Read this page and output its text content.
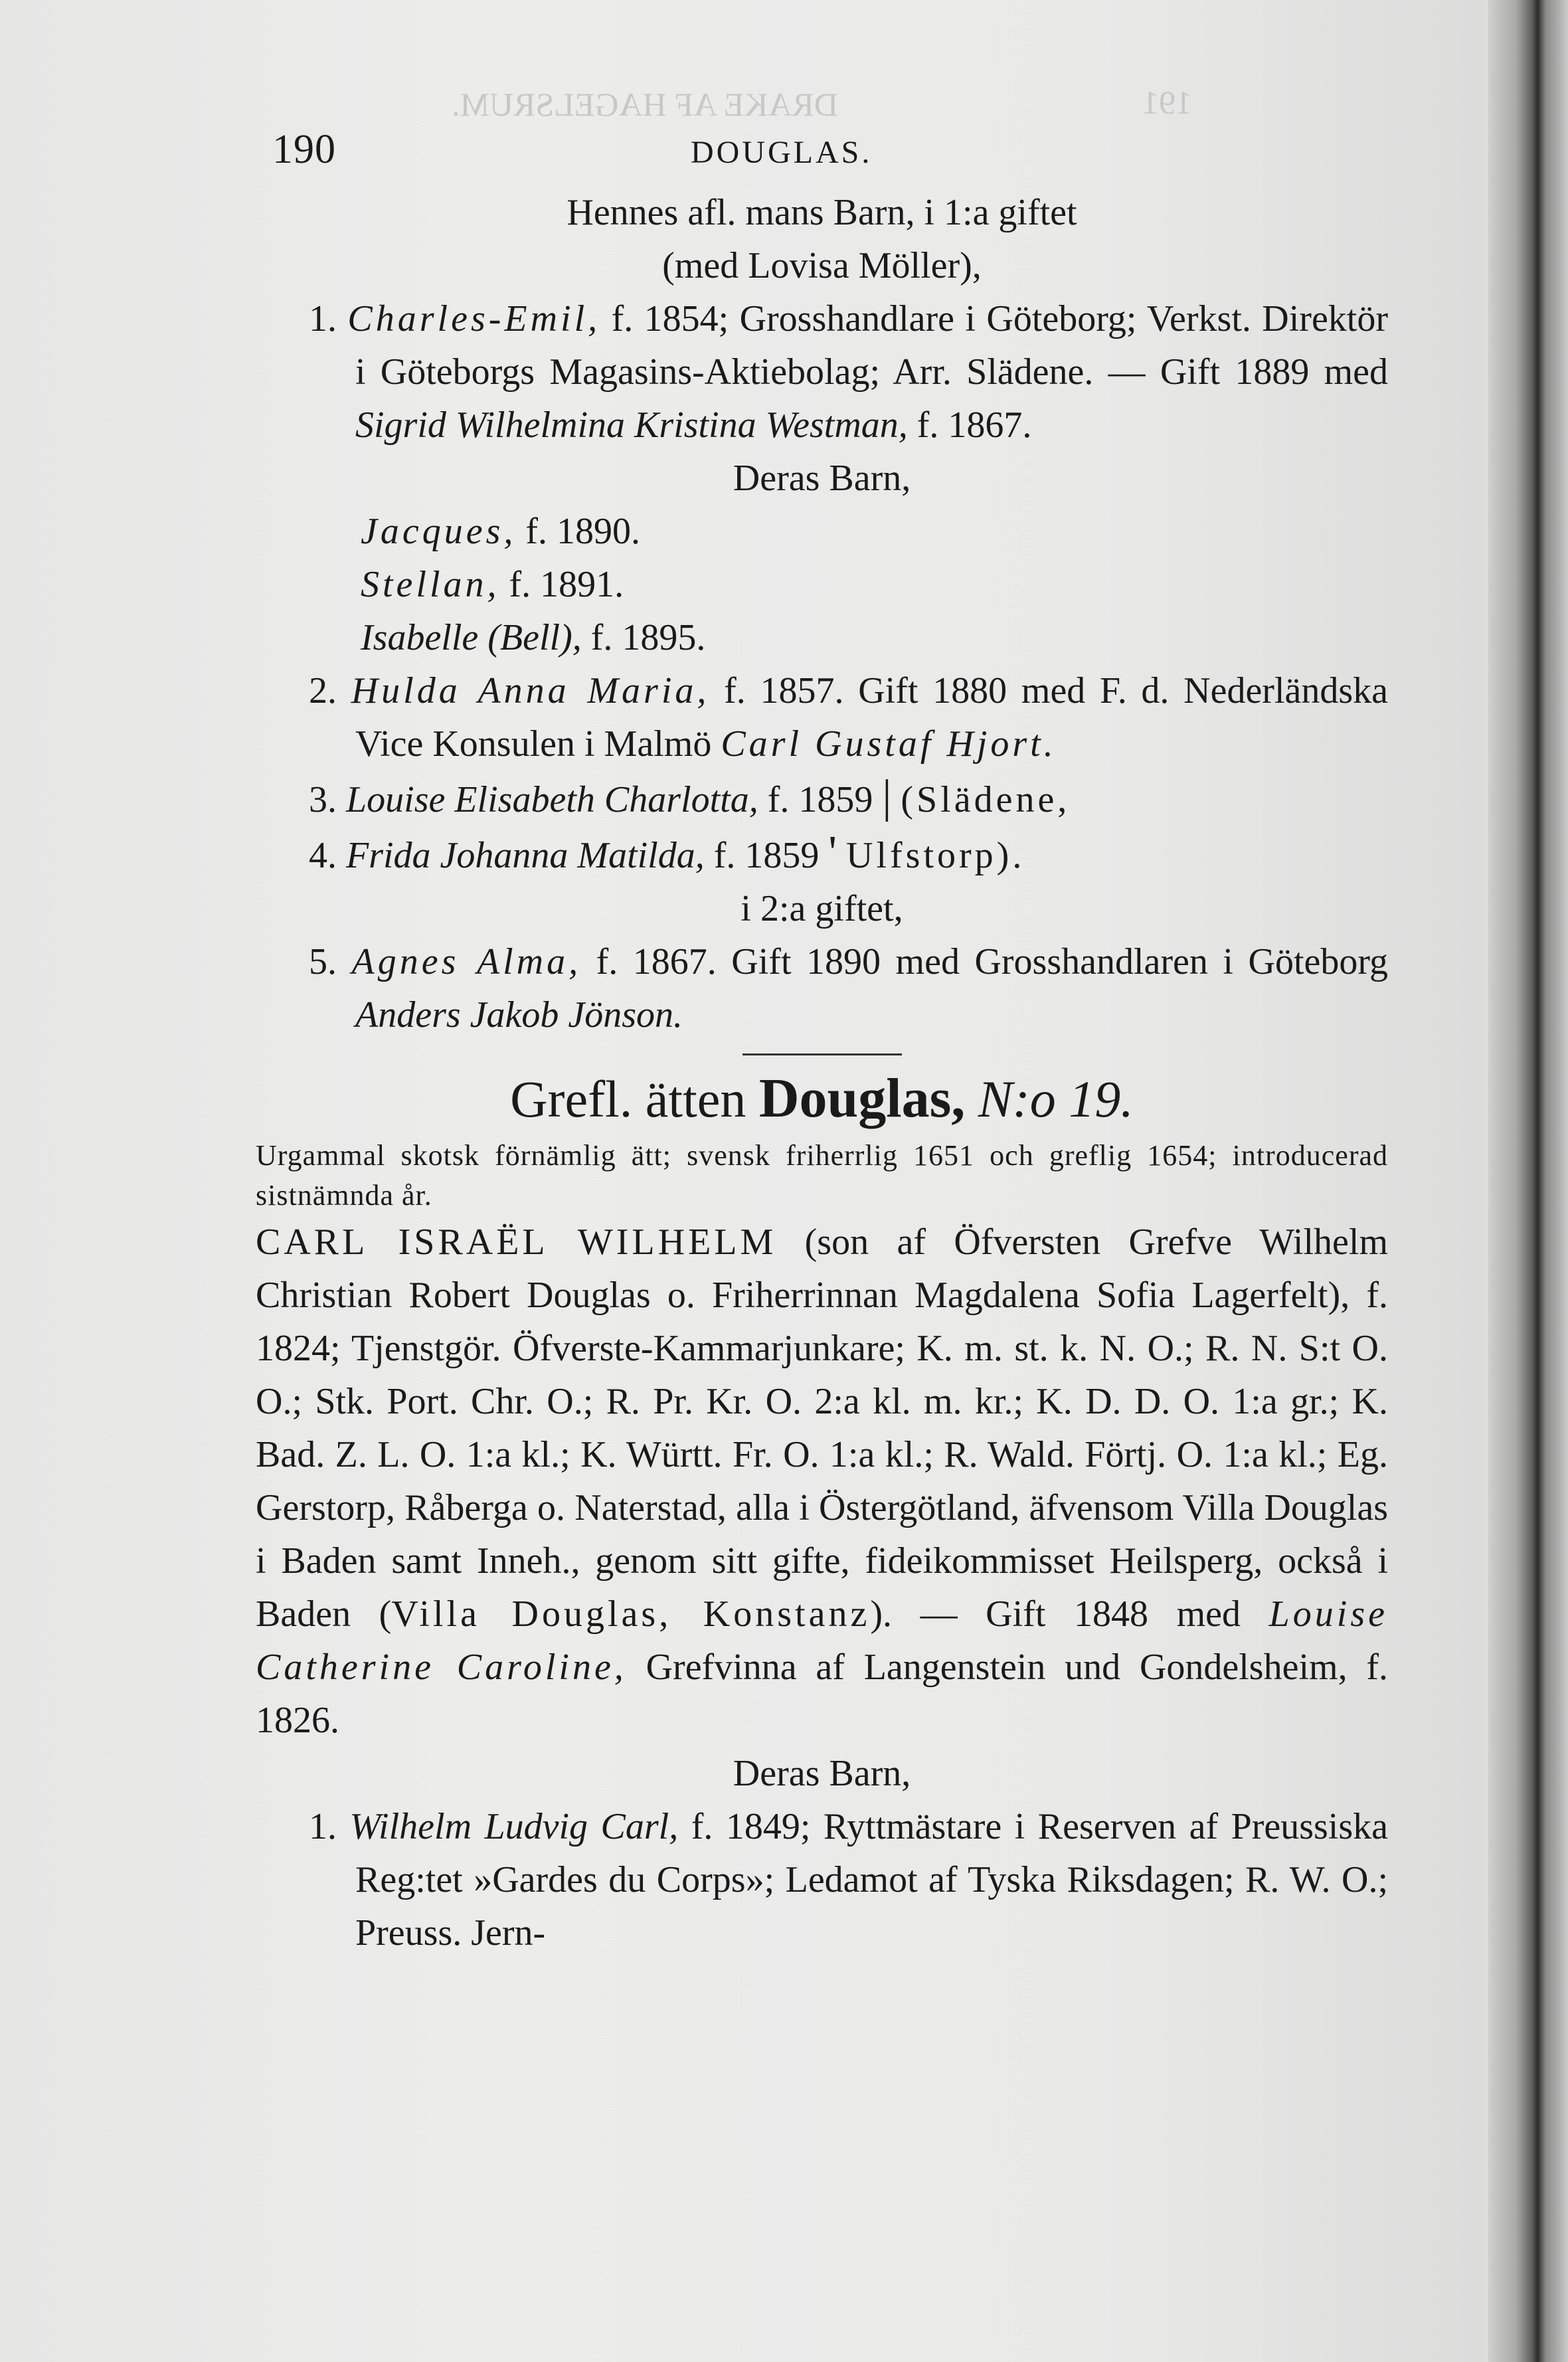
DRAKE AF HAGELSRUM.	191
190	DOUGLAS.

Hennes afl. mans Barn, i 1:a giftet

(med Lovisa Möller),

1. Charles-Emil, f. 1854; Grosshandlare i Göteborg; Verkst. Direktör i Göteborgs Magasins-Aktiebolag; Arr. Slädene. — Gift 1889 med Sigrid Wilhelmina Kristina Westman, f. 1867.

Deras Barn,

Jacques, f. 1890.

Stellan, f. 1891.

Isabelle (Bell), f. 1895.

2. Hulda Anna Maria, f. 1857. Gift 1880 med F. d. Nederländska Vice Konsulen i Malmö Carl Gustaf Hjort.

3. Louise Elisabeth Charlotta, f. 1859 | (Slädene,

4. Frida Johanna Matilda, f. 1859 ' Ulfstorp).

i 2:a giftet,

5. Agnes Alma, f. 1867. Gift 1890 med Grosshandlaren i Göteborg Anders Jakob Jönson.

Grefl. ätten Douglas, N:o 19.

Urgammal skotsk förnämlig ätt; svensk friherrlig 1651 och greflig 1654; introducerad sistnämnda år.

CARL ISRAËL WILHELM (son af Öfversten Grefve Wilhelm Christian Robert Douglas o. Friherrinnan Magdalena Sofia Lagerfelt), f. 1824; Tjenstgör. Öfverste-Kammarjunkare; K. m. st. k. N. O.; R. N. S:t O. O.; Stk. Port. Chr. O.; R. Pr. Kr. O. 2:a kl. m. kr.; K. D. D. O. 1:a gr.; K. Bad. Z. L. O. 1:a kl.; K. Württ. Fr. O. 1:a kl.; R. Wald. Förtj. O. 1:a kl.; Eg. Gerstorp, Råberga o. Naterstad, alla i Östergötland, äfvensom Villa Douglas i Baden samt Inneh., genom sitt gifte, fideikommisset Heilsperg, också i Baden (Villa Douglas, Konstanz). — Gift 1848 med Louise Catherine Caroline, Grefvinna af Langenstein und Gondelsheim, f. 1826.

Deras Barn,

1. Wilhelm Ludvig Carl, f. 1849; Ryttmästare i Reserven af Preussiska Reg:tet »Gardes du Corps»; Ledamot af Tyska Riksdagen; R. W. O.; Preuss. Jern-
